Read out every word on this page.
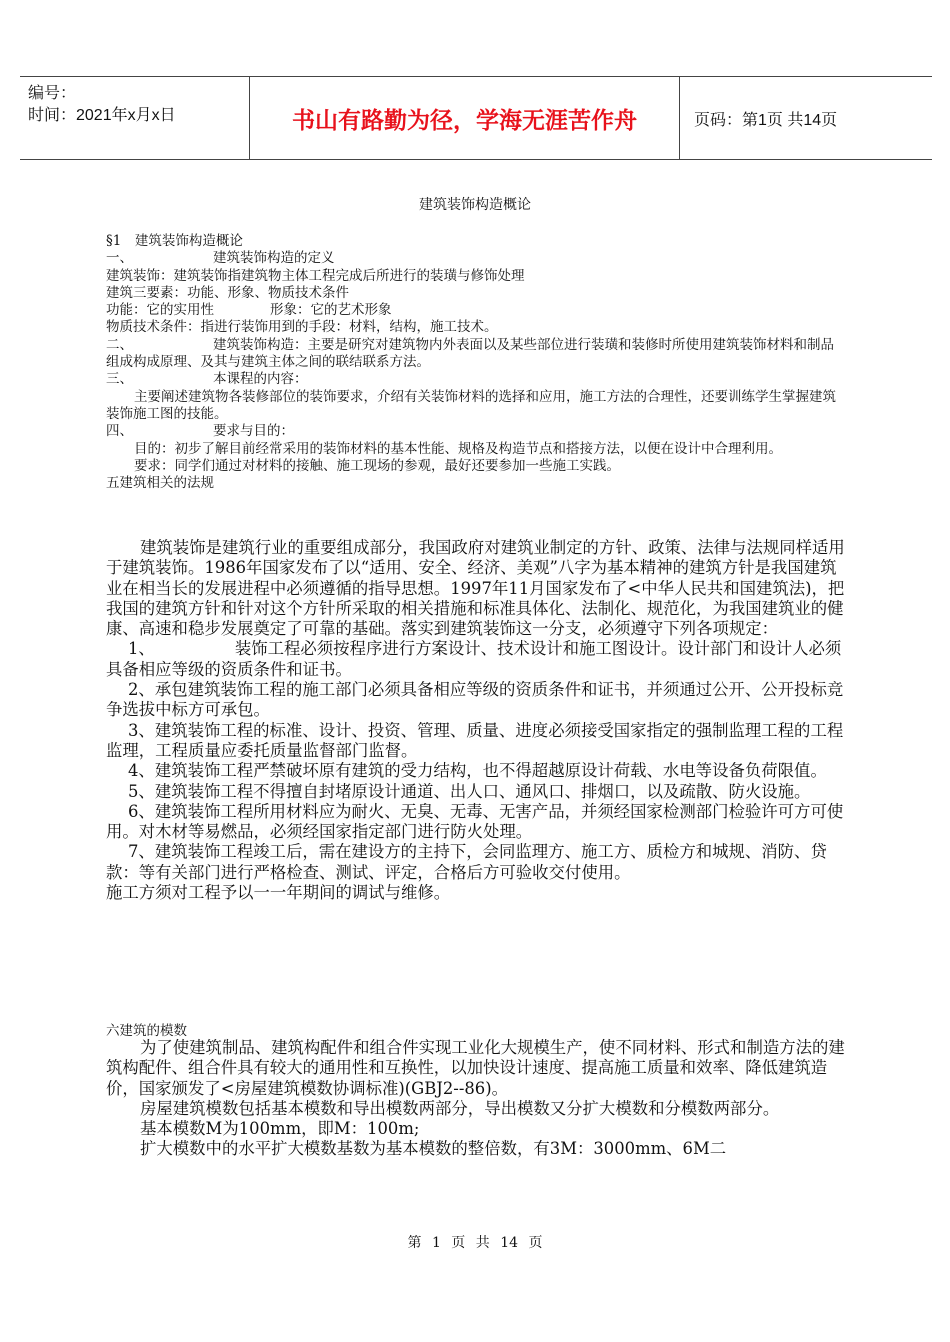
编号：
时间：2021年x月x日	书山有路勤为径，学海无涯苦作舟	页码：第1页 共14页
建筑装饰构造概论

§1　建筑装饰构造概论

一、	建筑装饰构造的定义

建筑装饰：建筑装饰指建筑物主体工程完成后所进行的装璜与修饰处理

建筑三要素：功能、形象、物质技术条件

功能：它的实用性	形象：它的艺术形象

物质技术条件：指进行装饰用到的手段：材料，结构，施工技术。

二、	建筑装饰构造：主要是研究对建筑物内外表面以及某些部位进行装璜和装修时所使用建筑装饰材料和制品组成构成原理、及其与建筑主体之间的联结联系方法。

三、	本课程的内容：

主要阐述建筑物各装修部位的装饰要求，介绍有关装饰材料的选择和应用，施工方法的合理性，还要训练学生掌握建筑装饰施工图的技能。

四、	要求与目的：

目的：初步了解目前经常采用的装饰材料的基本性能、规格及构造节点和搭接方法，以便在设计中合理利用。

要求：同学们通过对材料的接触、施工现场的参观，最好还要参加一些施工实践。

五建筑相关的法规

建筑装饰是建筑行业的重要组成部分，我国政府对建筑业制定的方针、政策、法律与法规同样适用于建筑装饰。1986年国家发布了以“适用、安全、经济、美观”八字为基本精神的建筑方针是我国建筑业在相当长的发展进程中必须遵循的指导思想。1997年11月国家发布了<中华人民共和国建筑法)，把我国的建筑方针和针对这个方针所采取的相关措施和标准具体化、法制化、规范化，为我国建筑业的健康、高速和稳步发展奠定了可靠的基础。落实到建筑装饰这一分支，必须遵守下列各项规定：

1、	装饰工程必须按程序进行方案设计、技术设计和施工图设计。设计部门和设计人必须具备相应等级的资质条件和证书。

2、承包建筑装饰工程的施工部门必须具备相应等级的资质条件和证书，并须通过公开、公开投标竞争选拔中标方可承包。

3、建筑装饰工程的标准、设计、投资、管理、质量、进度必须接受国家指定的强制监理工程的工程监理，工程质量应委托质量监督部门监督。

4、建筑装饰工程严禁破坏原有建筑的受力结构，也不得超越原设计荷载、水电等设备负荷限值。

5、建筑装饰工程不得擅自封堵原设计通道、出人口、通风口、排烟口，以及疏散、防火设施。

6、建筑装饰工程所用材料应为耐火、无臭、无毒、无害产品，并须经国家检测部门检验许可方可使用。对木材等易燃品，必须经国家指定部门进行防火处理。

7、建筑装饰工程竣工后，需在建设方的主持下，会同监理方、施工方、质检方和城规、消防、贷款：等有关部门进行严格检查、测试、评定，合格后方可验收交付使用。

施工方须对工程予以一一年期间的调试与维修。

六建筑的模数

为了使建筑制品、建筑构配件和组合件实现工业化大规模生产，使不同材料、形式和制造方法的建筑构配件、组合件具有较大的通用性和互换性，以加快设计速度、提高施工质量和效率、降低建筑造价，国家颁发了<房屋建筑模数协调标准)(GBJ2--86)。

房屋建筑模数包括基本模数和导出模数两部分，导出模数又分扩大模数和分模数两部分。

基本模数M为100mm，即M：100m;

扩大模数中的水平扩大模数基数为基本模数的整倍数，有3M：3000mm、6M二

第 1 页 共 14 页
